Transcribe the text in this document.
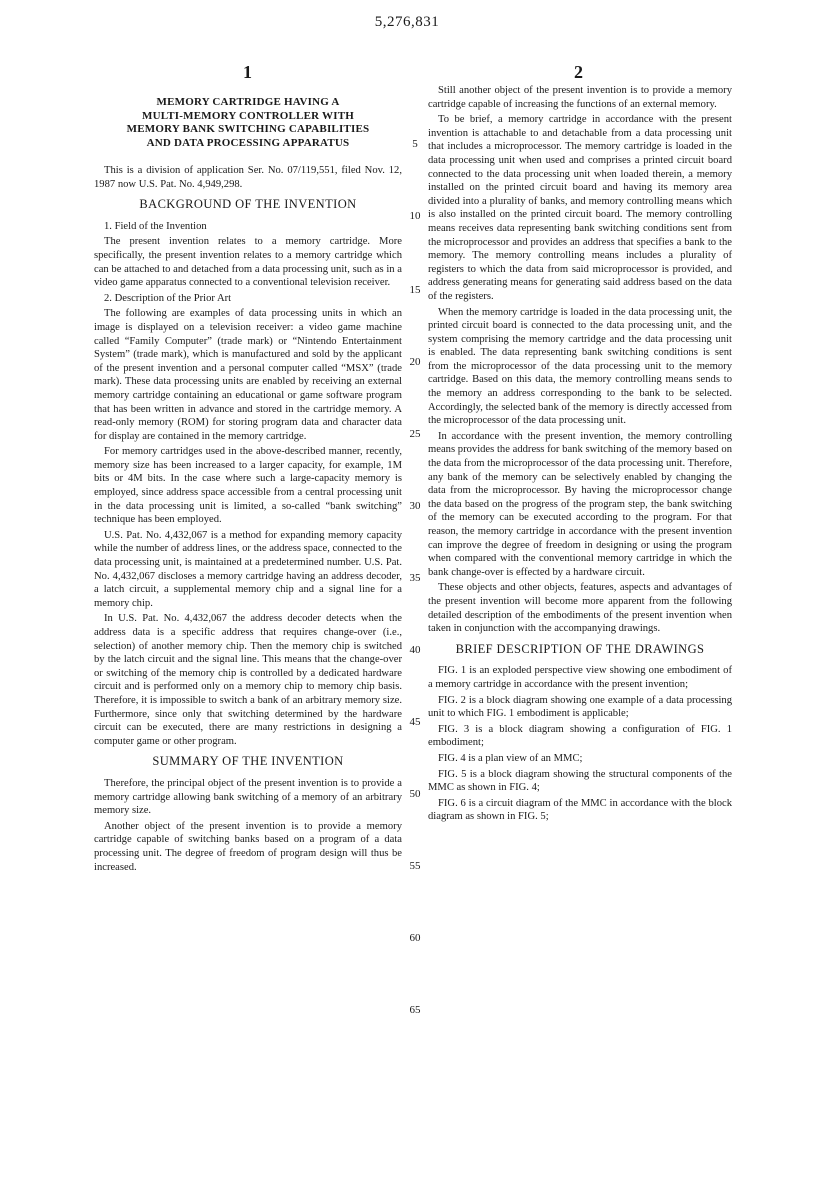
5,276,831
1	2
MEMORY CARTRIDGE HAVING A
MULTI-MEMORY CONTROLLER WITH
MEMORY BANK SWITCHING CAPABILITIES
AND DATA PROCESSING APPARATUS

This is a division of application Ser. No. 07/119,551, filed Nov. 12, 1987 now U.S. Pat. No. 4,949,298.

BACKGROUND OF THE INVENTION

1. Field of the Invention

The present invention relates to a memory cartridge. More specifically, the present invention relates to a memory cartridge which can be attached to and detached from a data processing unit, such as in a video game apparatus connected to a conventional television receiver.

2. Description of the Prior Art

The following are examples of data processing units in which an image is displayed on a television receiver: a video game machine called “Family Computer” (trade mark) or “Nintendo Entertainment System” (trade mark), which is manufactured and sold by the applicant of the present invention and a personal computer called “MSX” (trade mark). These data processing units are enabled by receiving an external memory cartridge containing an educational or game software program that has been written in advance and stored in the cartridge memory. A read-only memory (ROM) for storing program data and character data for display are contained in the memory cartridge.

For memory cartridges used in the above-described manner, recently, memory size has been increased to a larger capacity, for example, 1M bits or 4M bits. In the case where such a large-capacity memory is employed, since address space accessible from a central processing unit in the data processing unit is limited, a so-called “bank switching” technique has been employed.

U.S. Pat. No. 4,432,067 is a method for expanding memory capacity while the number of address lines, or the address space, connected to the data processing unit, is maintained at a predetermined number. U.S. Pat. No. 4,432,067 discloses a memory cartridge having an address decoder, a latch circuit, a supplemental memory chip and a signal line for a memory chip.

In U.S. Pat. No. 4,432,067 the address decoder detects when the address data is a specific address that requires change-over (i.e., selection) of another memory chip. Then the memory chip is switched by the latch circuit and the signal line. This means that the change-over or switching of the memory chip is controlled by a dedicated hardware circuit and is performed only on a memory chip to memory chip basis. Therefore, it is impossible to switch a bank of an arbitrary memory size. Furthermore, since only that switching determined by the hardware circuit can be executed, there are many restrictions in designing a computer game or other program.

SUMMARY OF THE INVENTION

Therefore, the principal object of the present invention is to provide a memory cartridge allowing bank switching of a memory of an arbitrary memory size.

Another object of the present invention is to provide a memory cartridge capable of switching banks based on a program of a data processing unit. The degree of freedom of program design will thus be increased.

5
10
15
20
25
30
35
40
45
50
55
60
65

Still another object of the present invention is to provide a memory cartridge capable of increasing the functions of an external memory.

To be brief, a memory cartridge in accordance with the present invention is attachable to and detachable from a data processing unit that includes a microprocessor. The memory cartridge is loaded in the data processing unit when used and comprises a printed circuit board connected to the data processing unit when loaded therein, a memory installed on the printed circuit board and having its memory area divided into a plurality of banks, and memory controlling means which is also installed on the printed circuit board. The memory controlling means receives data representing bank switching conditions sent from the microprocessor and provides an address that specifies a bank to the memory. The memory controlling means includes a plurality of registers to which the data from said microprocessor is provided, and address generating means for generating said address based on the data of the registers.

When the memory cartridge is loaded in the data processing unit, the printed circuit board is connected to the data processing unit, and the system comprising the memory cartridge and the data processing unit is enabled. The data representing bank switching conditions is sent from the microprocessor of the data processing unit to the memory cartridge. Based on this data, the memory controlling means sends to the memory an address corresponding to the bank to be selected. Accordingly, the selected bank of the memory is directly accessed from the microprocessor of the data processing unit.

In accordance with the present invention, the memory controlling means provides the address for bank switching of the memory based on the data from the microprocessor of the data processing unit. Therefore, any bank of the memory can be selectively enabled by changing the data from the microprocessor. By having the microprocessor change the data based on the progress of the program step, the bank switching of the memory can be executed according to the program. For that reason, the memory cartridge in accordance with the present invention can improve the degree of freedom in designing or using the program when compared with the conventional memory cartridge in which the bank change-over is effected by a hardware circuit.

These objects and other objects, features, aspects and advantages of the present invention will become more apparent from the following detailed description of the embodiments of the present invention when taken in conjunction with the accompanying drawings.

BRIEF DESCRIPTION OF THE DRAWINGS

FIG. 1 is an exploded perspective view showing one embodiment of a memory cartridge in accordance with the present invention;

FIG. 2 is a block diagram showing one example of a data processing unit to which FIG. 1 embodiment is applicable;

FIG. 3 is a block diagram showing a configuration of FIG. 1 embodiment;

FIG. 4 is a plan view of an MMC;

FIG. 5 is a block diagram showing the structural components of the MMC as shown in FIG. 4;

FIG. 6 is a circuit diagram of the MMC in accordance with the block diagram as shown in FIG. 5;
